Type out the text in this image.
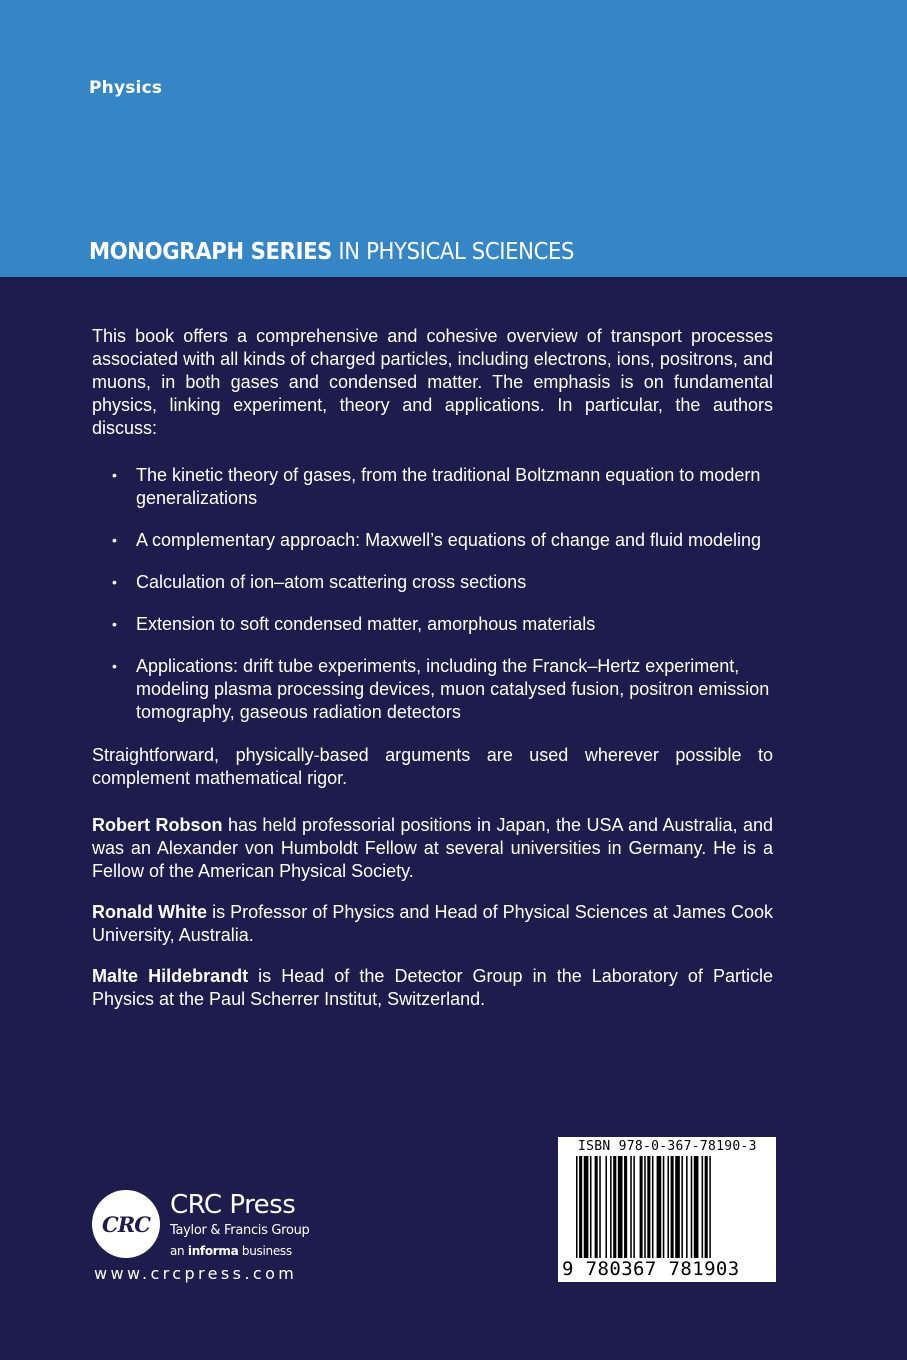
Physics
MONOGRAPH SERIES IN PHYSICAL SCIENCES

This book offers a comprehensive and cohesive overview of transport processes associated with all kinds of charged particles, including electrons, ions, positrons, and muons, in both gases and condensed matter. The emphasis is on fundamental physics, linking experiment, theory and applications. In particular, the authors discuss:

• The kinetic theory of gases, from the traditional Boltzmann equation to modern generalizations
• A complementary approach: Maxwell’s equations of change and fluid modeling
• Calculation of ion–atom scattering cross sections
• Extension to soft condensed matter, amorphous materials
• Applications: drift tube experiments, including the Franck–Hertz experiment, modeling plasma processing devices, muon catalysed fusion, positron emission tomography, gaseous radiation detectors

Straightforward, physically-based arguments are used wherever possible to complement mathematical rigor.

Robert Robson has held professorial positions in Japan, the USA and Australia, and was an Alexander von Humboldt Fellow at several universities in Germany. He is a Fellow of the American Physical Society.

Ronald White is Professor of Physics and Head of Physical Sciences at James Cook University, Australia.

Malte Hildebrandt is Head of the Detector Group in the Laboratory of Particle Physics at the Paul Scherrer Institut, Switzerland.

CRC
CRC Press
Taylor & Francis Group
an informa business
www.crcpress.com
ISBN 978-0-367-78190-3
9 780367 781903
